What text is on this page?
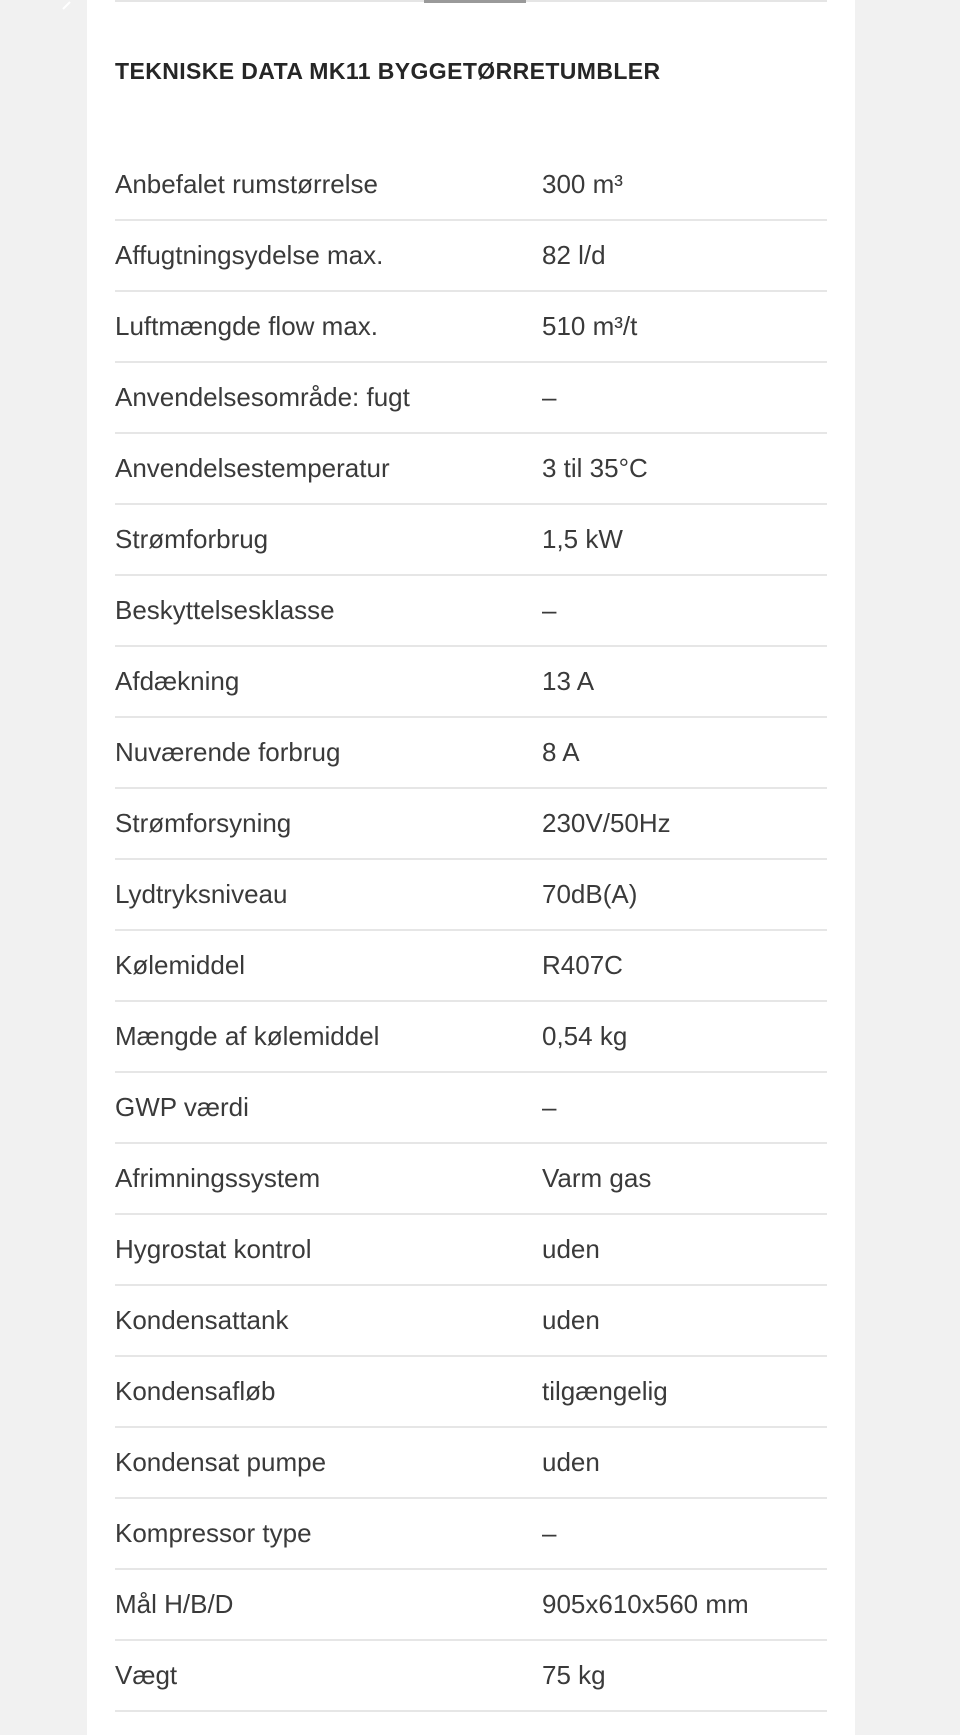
TEKNISKE DATA MK11 BYGGETØRRETUMBLER
Anbefalet rumstørrelse	300 m³
Affugtningsydelse max.	82 l/d
Luftmængde flow max.	510 m³/t
Anvendelsesområde: fugt	–
Anvendelsestemperatur	3 til 35°C
Strømforbrug	1,5 kW
Beskyttelsesklasse	–
Afdækning	13 A
Nuværende forbrug	8 A
Strømforsyning	230V/50Hz
Lydtryksniveau	70dB(A)
Kølemiddel	R407C
Mængde af kølemiddel	0,54 kg
GWP værdi	–
Afrimningssystem	Varm gas
Hygrostat kontrol	uden
Kondensattank	uden
Kondensafløb	tilgængelig
Kondensat pumpe	uden
Kompressor type	–
Mål H/B/D	905x610x560 mm
Vægt	75 kg
